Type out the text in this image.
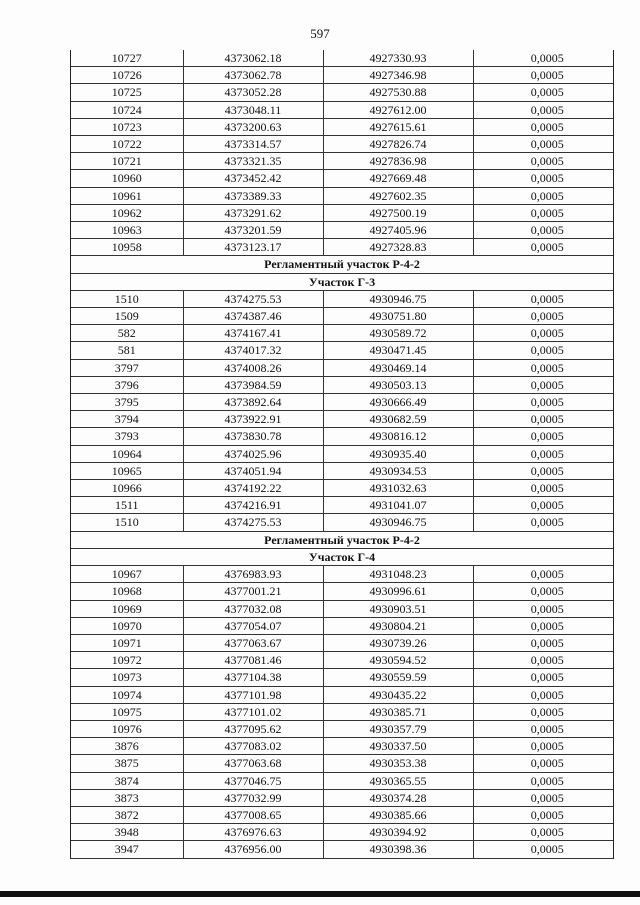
597
10727	4373062.18	4927330.93	0,0005
10726	4373062.78	4927346.98	0,0005
10725	4373052.28	4927530.88	0,0005
10724	4373048.11	4927612.00	0,0005
10723	4373200.63	4927615.61	0,0005
10722	4373314.57	4927826.74	0,0005
10721	4373321.35	4927836.98	0,0005
10960	4373452.42	4927669.48	0,0005
10961	4373389.33	4927602.35	0,0005
10962	4373291.62	4927500.19	0,0005
10963	4373201.59	4927405.96	0,0005
10958	4373123.17	4927328.83	0,0005
Регламентный участок Р-4-2			
Участок Г-3			
1510	4374275.53	4930946.75	0,0005
1509	4374387.46	4930751.80	0,0005
582	4374167.41	4930589.72	0,0005
581	4374017.32	4930471.45	0,0005
3797	4374008.26	4930469.14	0,0005
3796	4373984.59	4930503.13	0,0005
3795	4373892.64	4930666.49	0,0005
3794	4373922.91	4930682.59	0,0005
3793	4373830.78	4930816.12	0,0005
10964	4374025.96	4930935.40	0,0005
10965	4374051.94	4930934.53	0,0005
10966	4374192.22	4931032.63	0,0005
1511	4374216.91	4931041.07	0,0005
1510	4374275.53	4930946.75	0,0005
Регламентный участок Р-4-2			
Участок Г-4			
10967	4376983.93	4931048.23	0,0005
10968	4377001.21	4930996.61	0,0005
10969	4377032.08	4930903.51	0,0005
10970	4377054.07	4930804.21	0,0005
10971	4377063.67	4930739.26	0,0005
10972	4377081.46	4930594.52	0,0005
10973	4377104.38	4930559.59	0,0005
10974	4377101.98	4930435.22	0,0005
10975	4377101.02	4930385.71	0,0005
10976	4377095.62	4930357.79	0,0005
3876	4377083.02	4930337.50	0,0005
3875	4377063.68	4930353.38	0,0005
3874	4377046.75	4930365.55	0,0005
3873	4377032.99	4930374.28	0,0005
3872	4377008.65	4930385.66	0,0005
3948	4376976.63	4930394.92	0,0005
3947	4376956.00	4930398.36	0,0005
